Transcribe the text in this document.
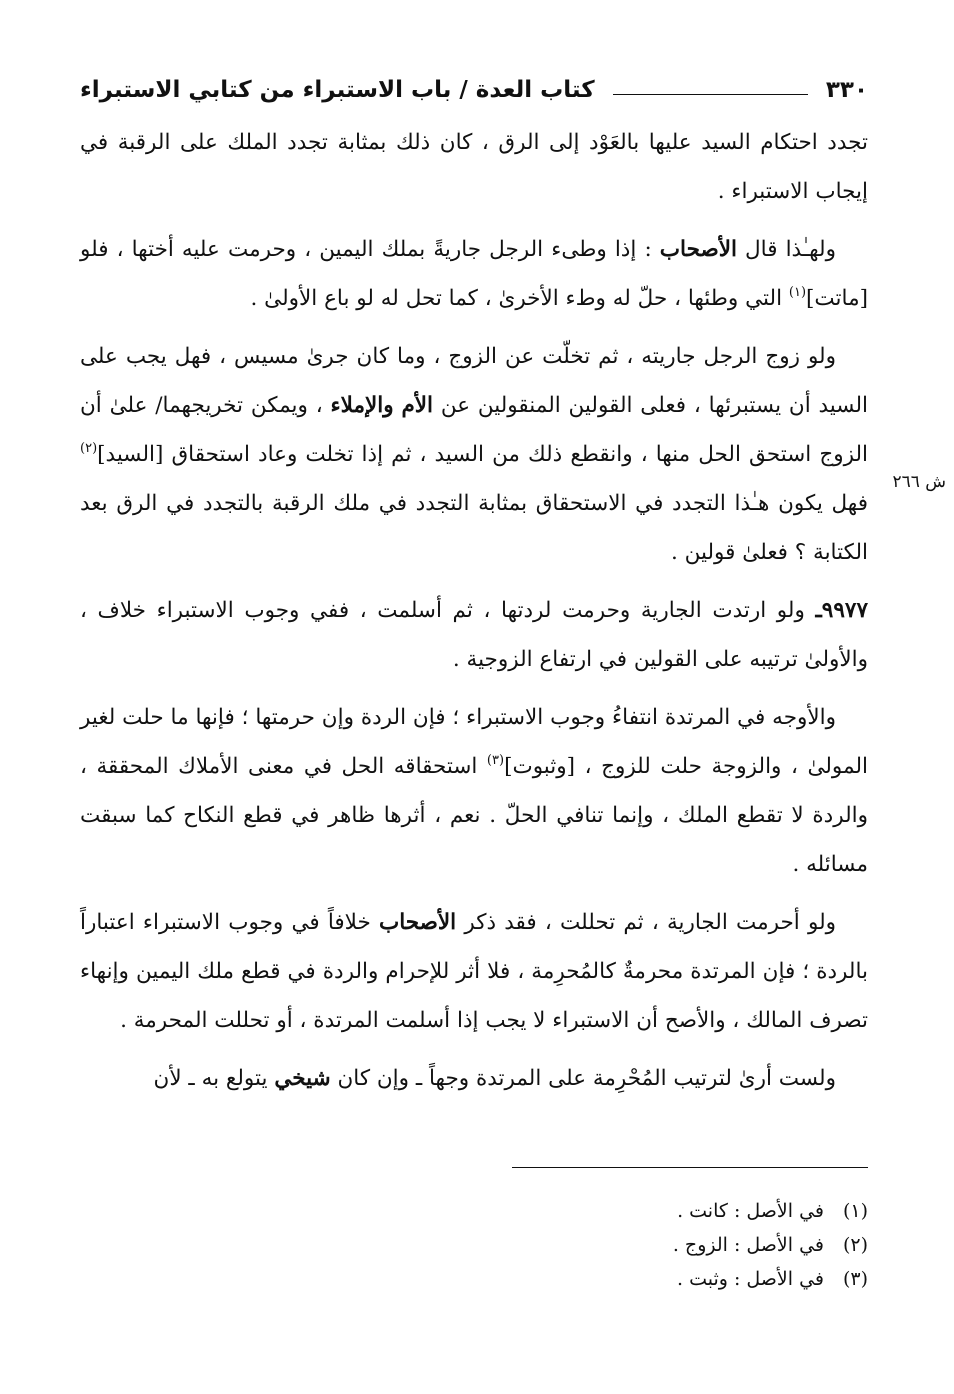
٣٣٠
كتاب العدة / باب الاستبراء من كتابي الاستبراء
ش ٢٦٦

تجدد احتكام السيد عليها بالعَوْد إلى الرق ، كان ذلك بمثابة تجدد الملك على الرقبة في إيجاب الاستبراء .

ولهـٰذا قال الأصحاب : إذا وطىء الرجل جاريةً بملك اليمين ، وحرمت عليه أختها ، فلو [ماتت]$^{(١)}$ التي وطئها ، حلّ له وطء الأخرىٰ ، كما تحل له لو باع الأولىٰ .

ولو زوج الرجل جاريته ، ثم تخلّت عن الزوج ، وما كان جرىٰ مسيس ، فهل يجب على السيد أن يستبرئها ، فعلى القولين المنقولين عن الأم والإملاء ، ويمكن تخريجهما/ علىٰ أن الزوج استحق الحل منها ، وانقطع ذلك من السيد ، ثم إذا تخلت وعاد استحقاق [السيد]$^{(٢)}$ فهل يكون هـٰذا التجدد في الاستحقاق بمثابة التجدد في ملك الرقبة بالتجدد في الرق بعد الكتابة ؟ فعلىٰ قولين .

٩٩٧٧ـ ولو ارتدت الجارية وحرمت لردتها ، ثم أسلمت ، ففي وجوب الاستبراء خلاف ، والأولىٰ ترتيبه على القولين في ارتفاع الزوجية .

والأوجه في المرتدة انتفاءُ وجوب الاستبراء ؛ فإن الردة وإن حرمتها ؛ فإنها ما حلت لغير المولىٰ ، والزوجة حلت للزوج ، [وثبوت]$^{(٣)}$ استحقاقه الحل في معنى الأملاك المحققة ، والردة لا تقطع الملك ، وإنما تنافي الحلّ . نعم ، أثرها ظاهر في قطع النكاح كما سبقت مسائله .

ولو أحرمت الجارية ، ثم تحللت ، فقد ذكر الأصحاب خلافاً في وجوب الاستبراء اعتباراً بالردة ؛ فإن المرتدة محرمةٌ كالمُحرِمة ، فلا أثر للإحرام والردة في قطع ملك اليمين وإنهاء تصرف المالك ، والأصح أن الاستبراء لا يجب إذا أسلمت المرتدة ، أو تحللت المحرمة .

ولست أرىٰ لترتيب المُحْرِمة على المرتدة وجهاً ـ وإن كان شيخي يتولع به ـ لأن

(١)
في الأصل : كانت .
(٢)
في الأصل : الزوج .
(٣)
في الأصل : وثبت .
